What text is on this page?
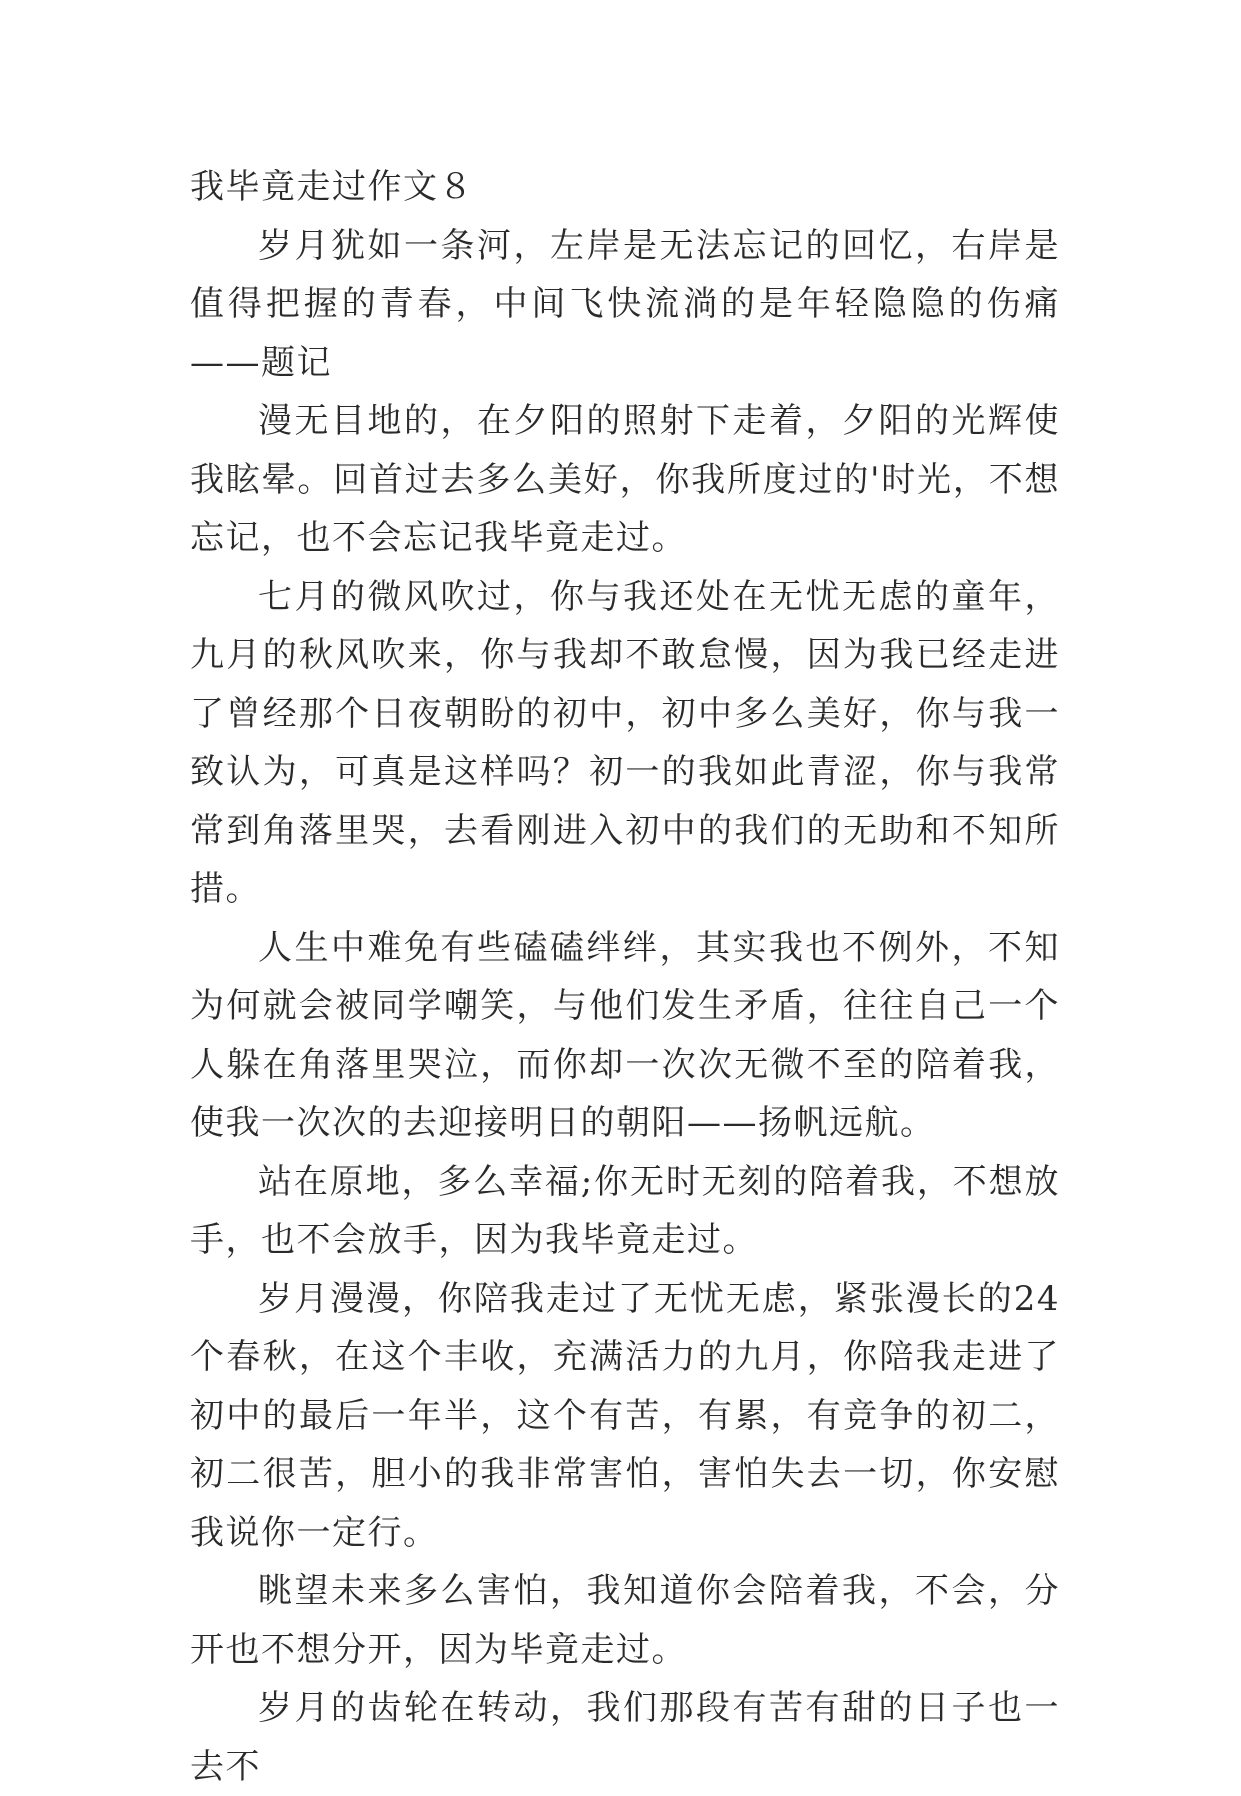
我毕竟走过作文８

岁月犹如一条河，左岸是无法忘记的回忆，右岸是值得把握的青春，中间飞快流淌的是年轻隐隐的伤痛——题记

漫无目地的，在夕阳的照射下走着，夕阳的光辉使我眩晕。回首过去多么美好，你我所度过的'时光，不想忘记，也不会忘记我毕竟走过。

七月的微风吹过，你与我还处在无忧无虑的童年，九月的秋风吹来，你与我却不敢怠慢，因为我已经走进了曾经那个日夜朝盼的初中，初中多么美好，你与我一致认为，可真是这样吗？初一的我如此青涩，你与我常常到角落里哭，去看刚进入初中的我们的无助和不知所措。

人生中难免有些磕磕绊绊，其实我也不例外，不知为何就会被同学嘲笑，与他们发生矛盾，往往自己一个人躲在角落里哭泣，而你却一次次无微不至的陪着我，使我一次次的去迎接明日的朝阳——扬帆远航。

站在原地，多么幸福;你无时无刻的陪着我，不想放手，也不会放手，因为我毕竟走过。

岁月漫漫，你陪我走过了无忧无虑，紧张漫长的24个春秋，在这个丰收，充满活力的九月，你陪我走进了初中的最后一年半，这个有苦，有累，有竞争的初二，初二很苦，胆小的我非常害怕，害怕失去一切，你安慰我说你一定行。

眺望未来多么害怕，我知道你会陪着我，不会，分开也不想分开，因为毕竟走过。

岁月的齿轮在转动，我们那段有苦有甜的日子也一去不
